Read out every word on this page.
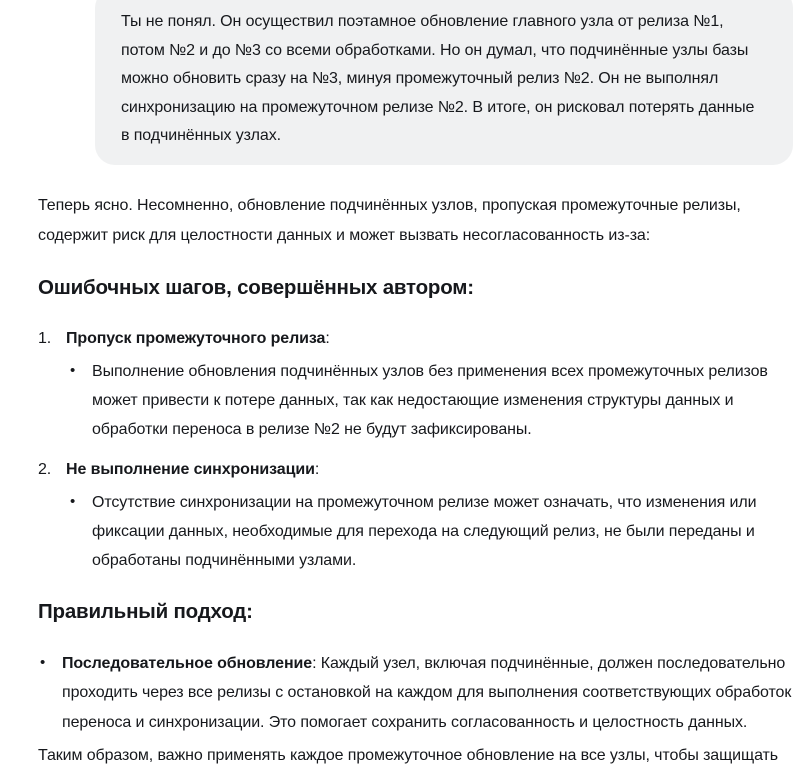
Ты не понял. Он осуществил поэтамное обновление главного узла от релиза №1, потом №2 и до №3 со всеми обработками. Но он думал, что подчинённые узлы базы можно обновить сразу на №3, минуя промежуточный релиз №2. Он не выполнял синхронизацию на промежуточном релизе №2. В итоге, он рисковал потерять данные в подчинённых узлах.

Теперь ясно. Несомненно, обновление подчинённых узлов, пропуская промежуточные релизы, содержит риск для целостности данных и может вызвать несогласованность из-за:

Ошибочных шагов, совершённых автором:
1. Пропуск промежуточного релиза:
• Выполнение обновления подчинённых узлов без применения всех промежуточных релизов может привести к потере данных, так как недостающие изменения структуры данных и обработки переноса в релизе №2 не будут зафиксированы.
2. Не выполнение синхронизации:
• Отсутствие синхронизации на промежуточном релизе может означать, что изменения или фиксации данных, необходимые для перехода на следующий релиз, не были переданы и обработаны подчинёнными узлами.
Правильный подход:
• Последовательное обновление: Каждый узел, включая подчинённые, должен последовательно проходить через все релизы с остановкой на каждом для выполнения соответствующих обработок переноса и синхронизации. Это помогает сохранить согласованность и целостность данных.

Таким образом, важно применять каждое промежуточное обновление на все узлы, чтобы защищать
